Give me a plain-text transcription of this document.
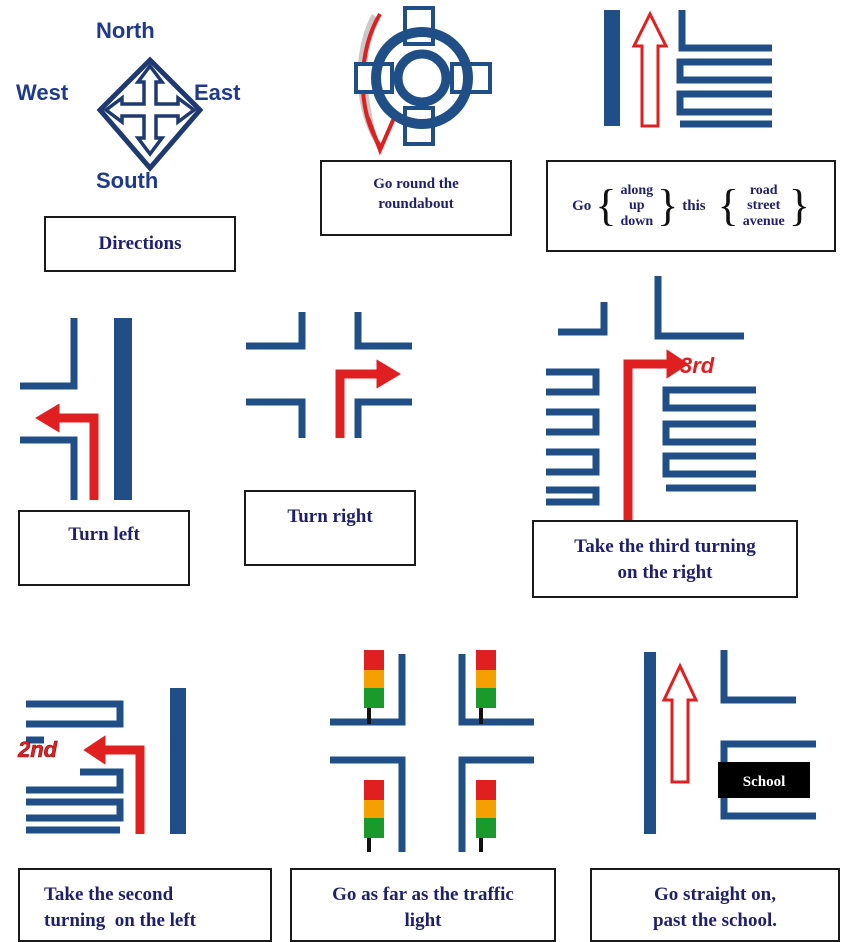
North
West	East
South
3rd
2nd
School
Directions
Go round the
roundabout	Go { along
up
down } this { road
street
avenue }
Turn left
Turn right
Take the third turning
on the right
Take the second
turning  on the left
Go as far as the traffic
light
Go straight on,
past the school.
